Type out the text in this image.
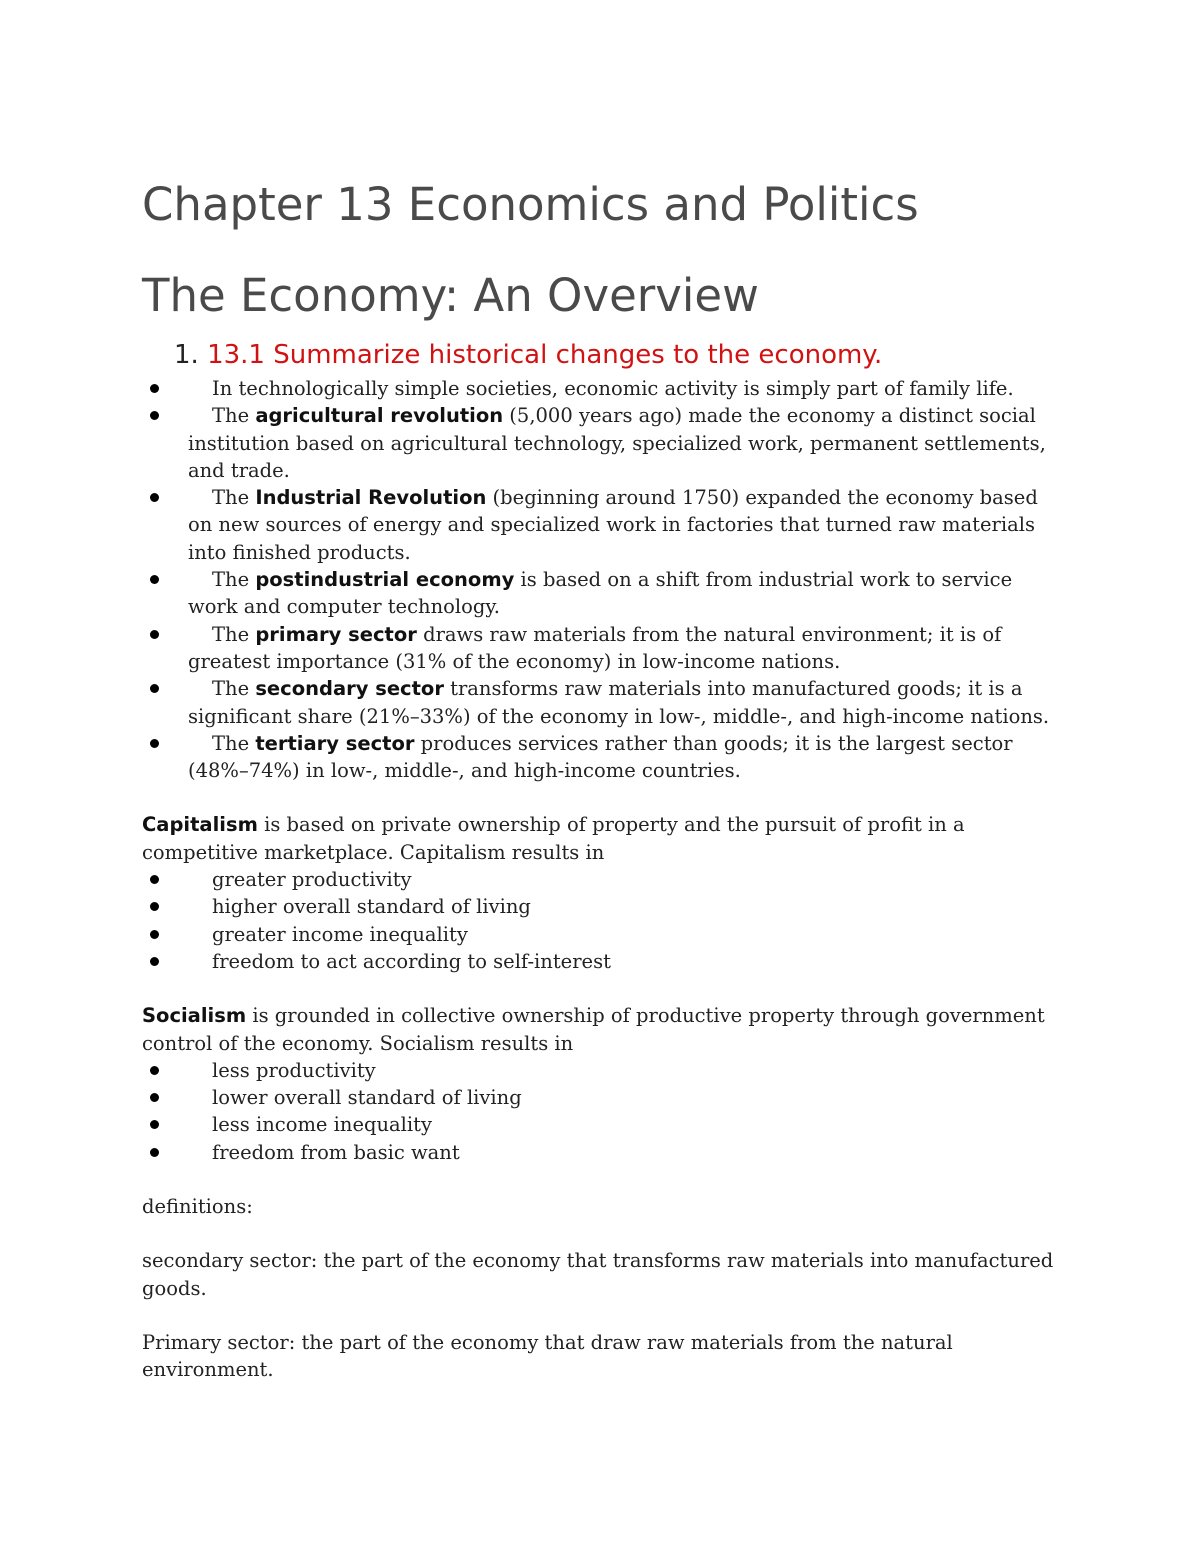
Chapter 13 Economics and Politics
The Economy: An Overview
1. 13.1 Summarize historical changes to the economy.
In technologically simple societies, economic activity is simply part of family life.
The agricultural revolution (5,000 years ago) made the economy a distinct social institution based on agricultural technology, specialized work, permanent settlements, and trade.
The Industrial Revolution (beginning around 1750) expanded the economy based on new sources of energy and specialized work in factories that turned raw materials into finished products.
The postindustrial economy is based on a shift from industrial work to service work and computer technology.
The primary sector draws raw materials from the natural environment; it is of greatest importance (31% of the economy) in low-income nations.
The secondary sector transforms raw materials into manufactured goods; it is a significant share (21%–33%) of the economy in low-, middle-, and high-income nations.
The tertiary sector produces services rather than goods; it is the largest sector (48%–74%) in low-, middle-, and high-income countries.

Capitalism is based on private ownership of property and the pursuit of profit in a competitive marketplace. Capitalism results in

greater productivity
higher overall standard of living
greater income inequality
freedom to act according to self-interest

Socialism is grounded in collective ownership of productive property through government control of the economy. Socialism results in

less productivity
lower overall standard of living
less income inequality
freedom from basic want

definitions:

secondary sector: the part of the economy that transforms raw materials into manufactured goods.

Primary sector: the part of the economy that draw raw materials from the natural environment.
